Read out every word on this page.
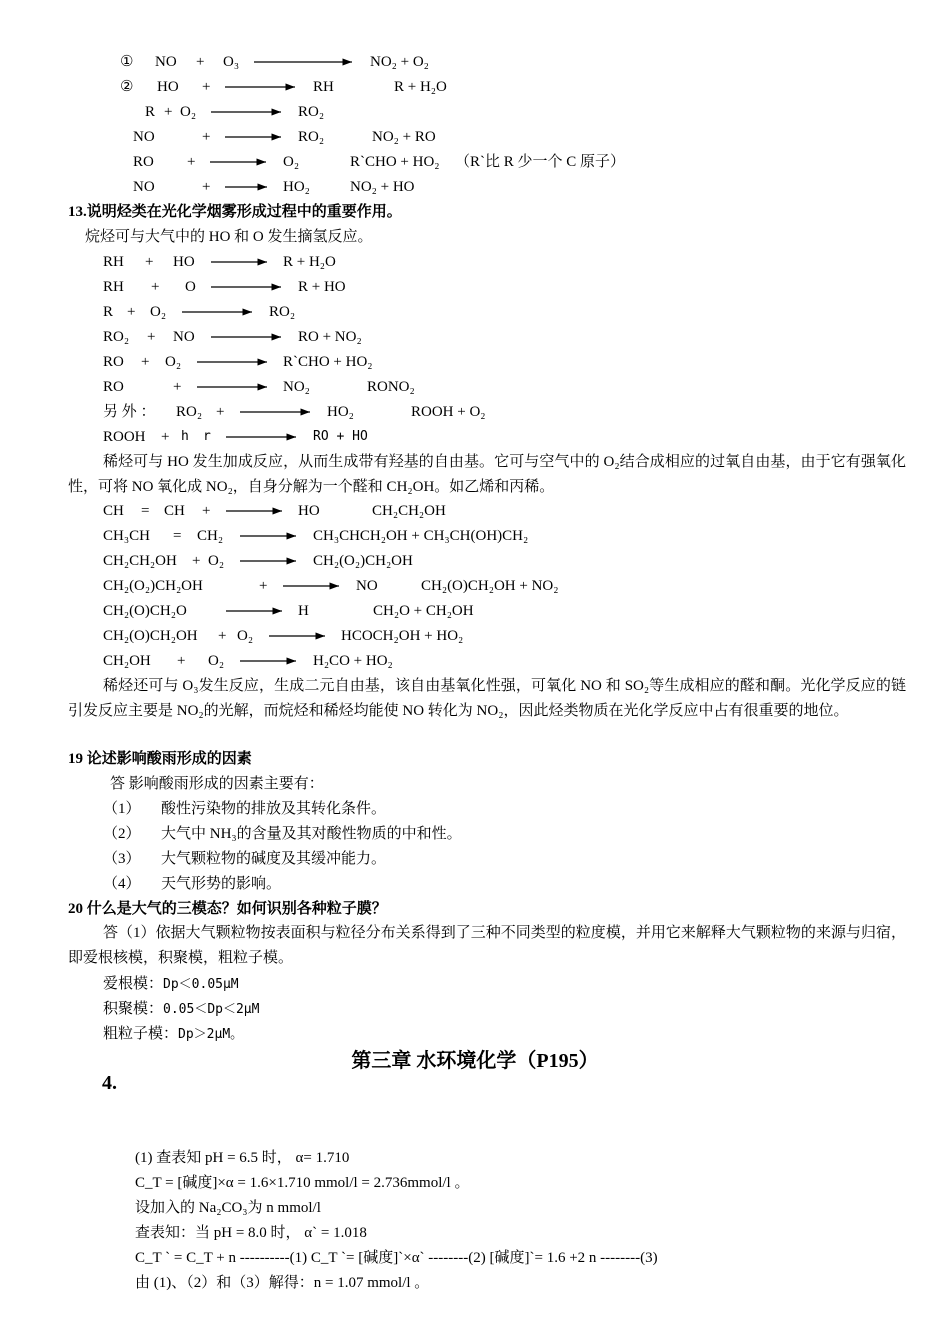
① NO + O₃	NO₂ + O₂
② HO +	RH	R + H₂O
R + O₂	RO₂
NO	+ → RO₂	NO₂ + RO
RO + → O₂	R`CHO + HO₂ （R`比 R 少一个 C 原子）
NO	+ → HO₂	NO₂ + HO
13.说明烃类在光化学烟雾形成过程中的重要作用。
烷烃可与大气中的 HO 和 O 发生摘氢反应。
RH + HO → R + H₂O
RH + O	R + HO
R + O₂	RO₂
RO₂ + NO	RO + NO₂
RO + O₂	R`CHO + HO₂
RO	+	NO₂	RONO₂
另 外 ： RO₂ +	HO₂	ROOH + O₂
ROOH + h r	RO + HO
稀烃可与 HO 发生加成反应，从而生成带有羟基的自由基。它可与空气中的 O₂结合成相应的过氧自由基，由于它有强氧化性，可将 NO 氧化成 NO₂，自身分解为一个醛和 CH₂OH。如乙烯和丙稀。
CH = CH + → HO	CH₂CH₂OH
CH₃CH = CH₂ → CH₃CHCH₂OH + CH₃CH(OH)CH₂
CH₂CH₂OH + O₂ → CH₂(O₂)CH₂OH
CH₂(O₂)CH₂OH	+ → NO	CH₂(O)CH₂OH + NO₂
CH₂(O)CH₂O	→ H	CH₂O + CH₂OH
CH₂(O)CH₂OH + O₂ → HCOCH₂OH + HO₂
CH₂OH + O₂ → H₂CO + HO₂
稀烃还可与 O₃发生反应，生成二元自由基，该自由基氧化性强，可氧化 NO 和 SO₂等生成相应的醛和酮。光化学反应的链引发反应主要是 NO₂的光解，而烷烃和稀烃均能使 NO 转化为 NO₂，因此烃类物质在光化学反应中占有很重要的地位。
19 论述影响酸雨形成的因素
答 影响酸雨形成的因素主要有：
（1） 酸性污染物的排放及其转化条件。
（2） 大气中 NH₃的含量及其对酸性物质的中和性。
（3） 大气颗粒物的碱度及其缓冲能力。
（4） 天气形势的影响。
20 什么是大气的三模态？如何识别各种粒子膜？
答（1）依据大气颗粒物按表面积与粒径分布关系得到了三种不同类型的粒度模，并用它来解释大气颗粒物的来源与归宿，即爱根核模，积聚模，粗粒子模。
爱根模：Dp＜0.05μM
积聚模：0.05＜Dp＜2μM
粗粒子模：Dp＞2μM。
第三章 水环境化学（P195）
4.
(1) 查表知 pH = 6.5 时， α= 1.710
C_T = [碱度]×α = 1.6×1.710 mmol/l = 2.736mmol/l 。
设加入的 Na₂CO₃为 n mmol/l
查表知：当 pH = 8.0 时， α` = 1.018
C_T ` = C_T + n ----------(1) C_T `= [碱度]`×α` --------(2) [碱度]`= 1.6 +2 n --------(3)
由 (1)、（2）和（3）解得：n = 1.07 mmol/l 。
